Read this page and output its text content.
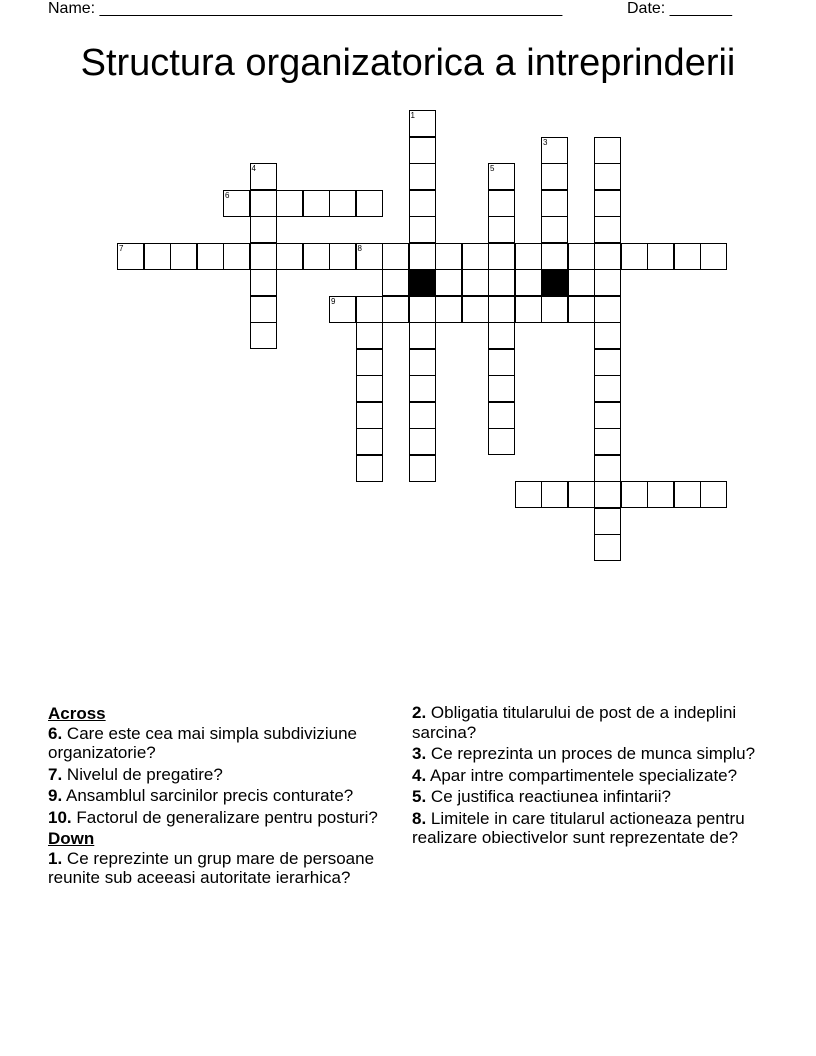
Name: ____________________________________________________	Date: _______
Structura organizatorica a intreprinderii
1
3
4	5
6
7	8
9
Across
6. Care este cea mai simpla subdiviziune organizatorie?
7. Nivelul de pregatire?
9. Ansamblul sarcinilor precis conturate?
10. Factorul de generalizare pentru posturi?
Down
1. Ce reprezinte un grup mare de persoane reunite sub aceeasi autoritate ierarhica?
2. Obligatia titularului de post de a indeplini sarcina?
3. Ce reprezinta un proces de munca simplu?
4. Apar intre compartimentele specializate?
5. Ce justifica reactiunea infintarii?
8. Limitele in care titularul actioneaza pentru realizare obiectivelor sunt reprezentate de?
